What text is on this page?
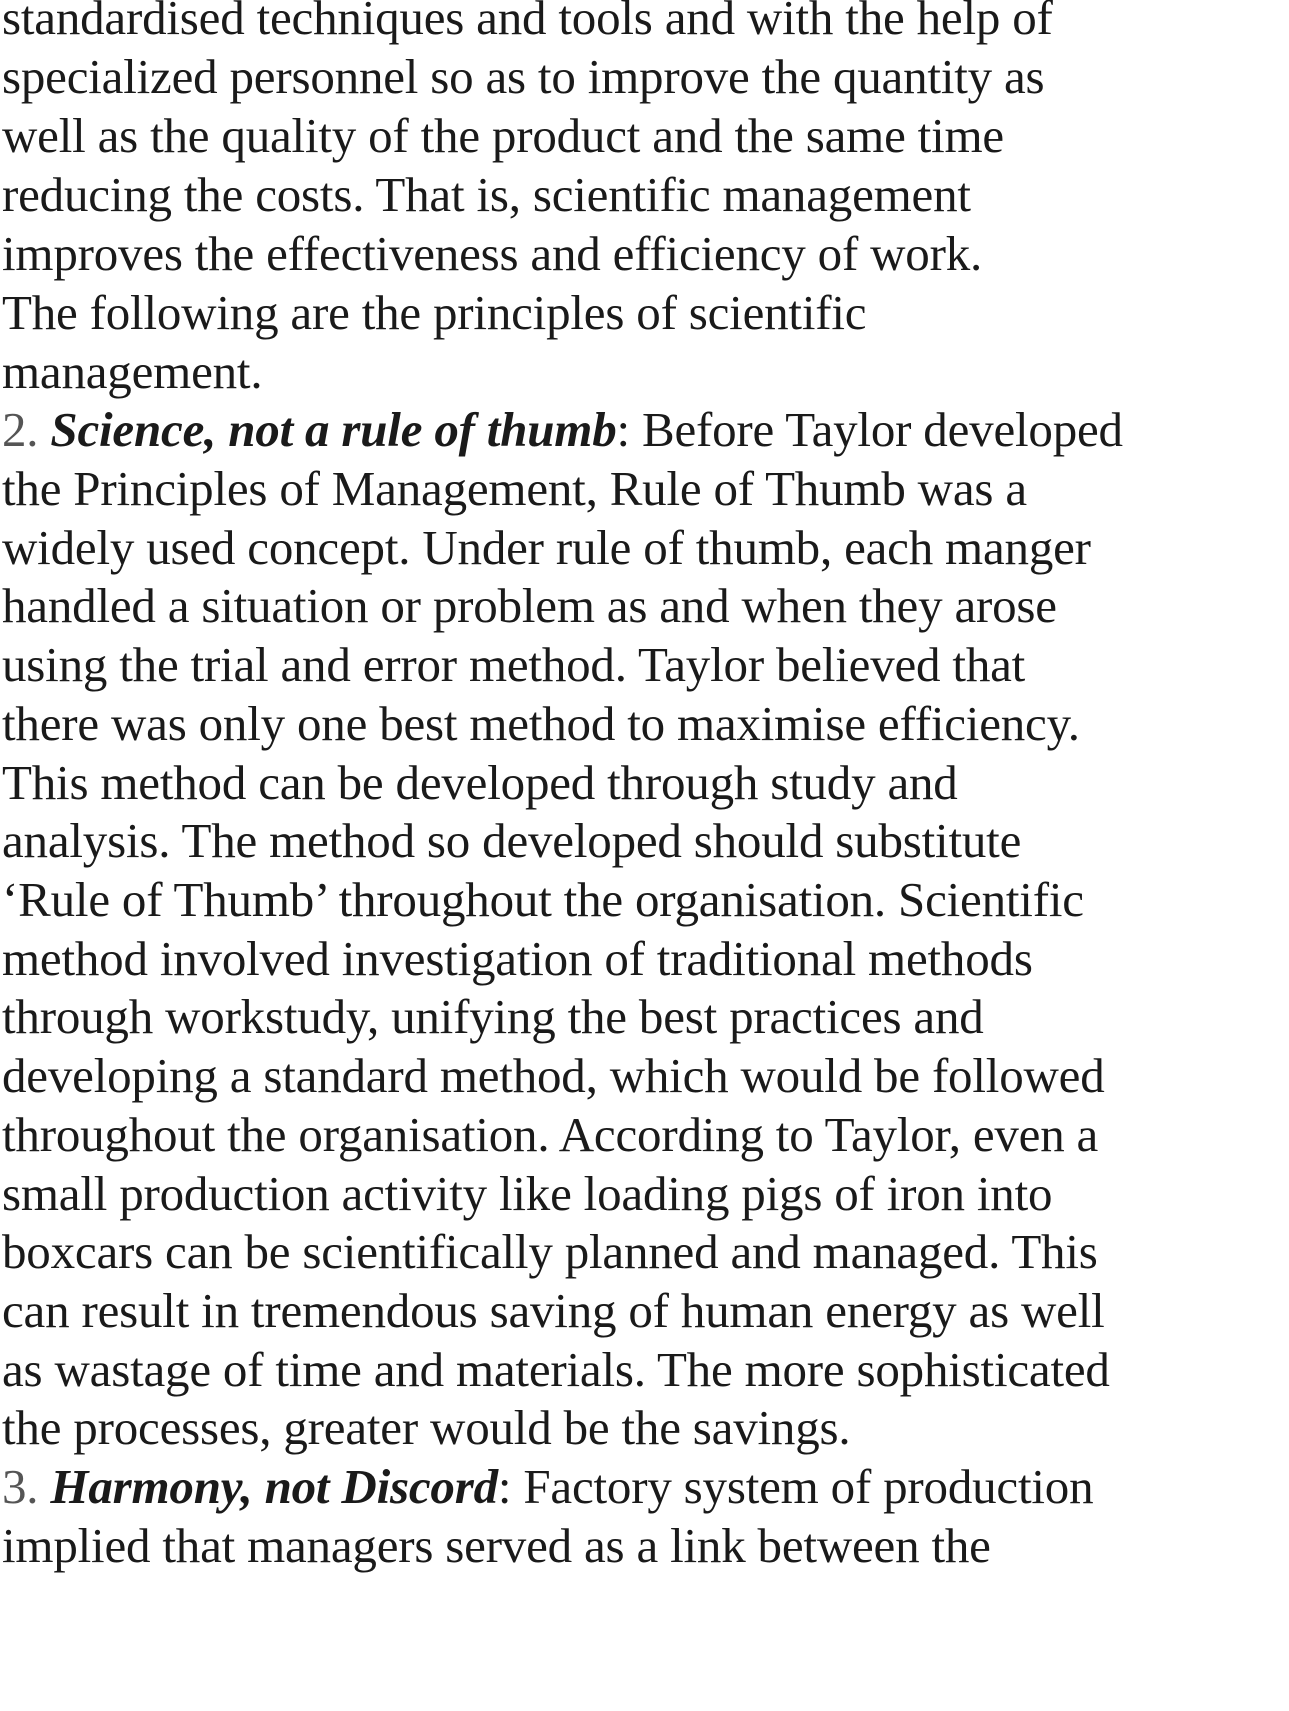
standardised techniques and tools and with the help of
specialized personnel so as to improve the quantity as
well as the quality of the product and the same time
reducing the costs. That is, scientific management
improves the effectiveness and efficiency of work.
The following are the principles of scientific
management.
2. Science, not a rule of thumb: Before Taylor developed
the Principles of Management, Rule of Thumb was a
widely used concept. Under rule of thumb, each manger
handled a situation or problem as and when they arose
using the trial and error method. Taylor believed that
there was only one best method to maximise efficiency.
This method can be developed through study and
analysis. The method so developed should substitute
‘Rule of Thumb’ throughout the organisation. Scientific
method involved investigation of traditional methods
through workstudy, unifying the best practices and
developing a standard method, which would be followed
throughout the organisation. According to Taylor, even a
small production activity like loading pigs of iron into
boxcars can be scientifically planned and managed. This
can result in tremendous saving of human energy as well
as wastage of time and materials. The more sophisticated
the processes, greater would be the savings.
3. Harmony, not Discord: Factory system of production
implied that managers served as a link between the
